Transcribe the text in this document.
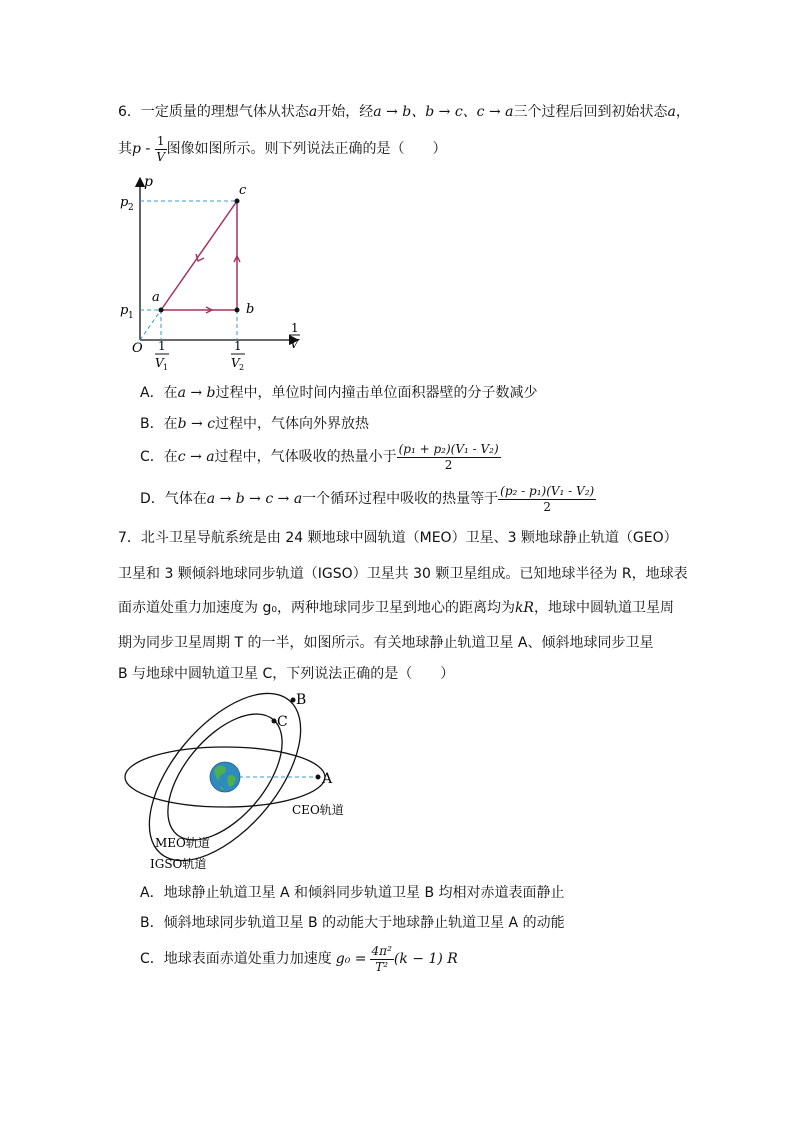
6．一定质量的理想气体从状态a开始，经a → b、b → c、c → a三个过程后回到初始状态a，
其p - $\frac{1}{V}$ 图像如图所示。则下列说法正确的是（　　）
p
1
V
O
p 2
p 1
1
V 1
1
V 2
a
b
c
A．在a → b过程中，单位时间内撞击单位面积器壁的分子数减少
B．在b → c过程中，气体向外界放热
C．在c → a过程中，气体吸收的热量小于 $\frac{\text{(p₁ + p₂)(V₁ - V₂)}}{2}$
D．气体在a → b → c → a一个循环过程中吸收的热量等于 $\frac{\text{(p₂ - p₁)(V₁ - V₂)}}{2}$
7．北斗卫星导航系统是由 24 颗地球中圆轨道（MEO）卫星、3 颗地球静止轨道（GEO）
卫星和 3 颗倾斜地球同步轨道（IGSO）卫星共 30 颗卫星组成。已知地球半径为 R，地球表
面赤道处重力加速度为 g₀，两种地球同步卫星到地心的距离均为kR，地球中圆轨道卫星周
期为同步卫星周期 T 的一半，如图所示。有关地球静止轨道卫星 A、倾斜地球同步卫星
B 与地球中圆轨道卫星 C，下列说法正确的是（　　）
B
C
A
CEO轨道
MEO轨道
IGSO轨道
A．地球静止轨道卫星 A 和倾斜同步轨道卫星 B 均相对赤道表面静止
B．倾斜地球同步轨道卫星 B 的动能大于地球静止轨道卫星 A 的动能
C．地球表面赤道处重力加速度 $g_0 = \frac{\text{4π²}}{\text{T²}} (k - 1)$ R
